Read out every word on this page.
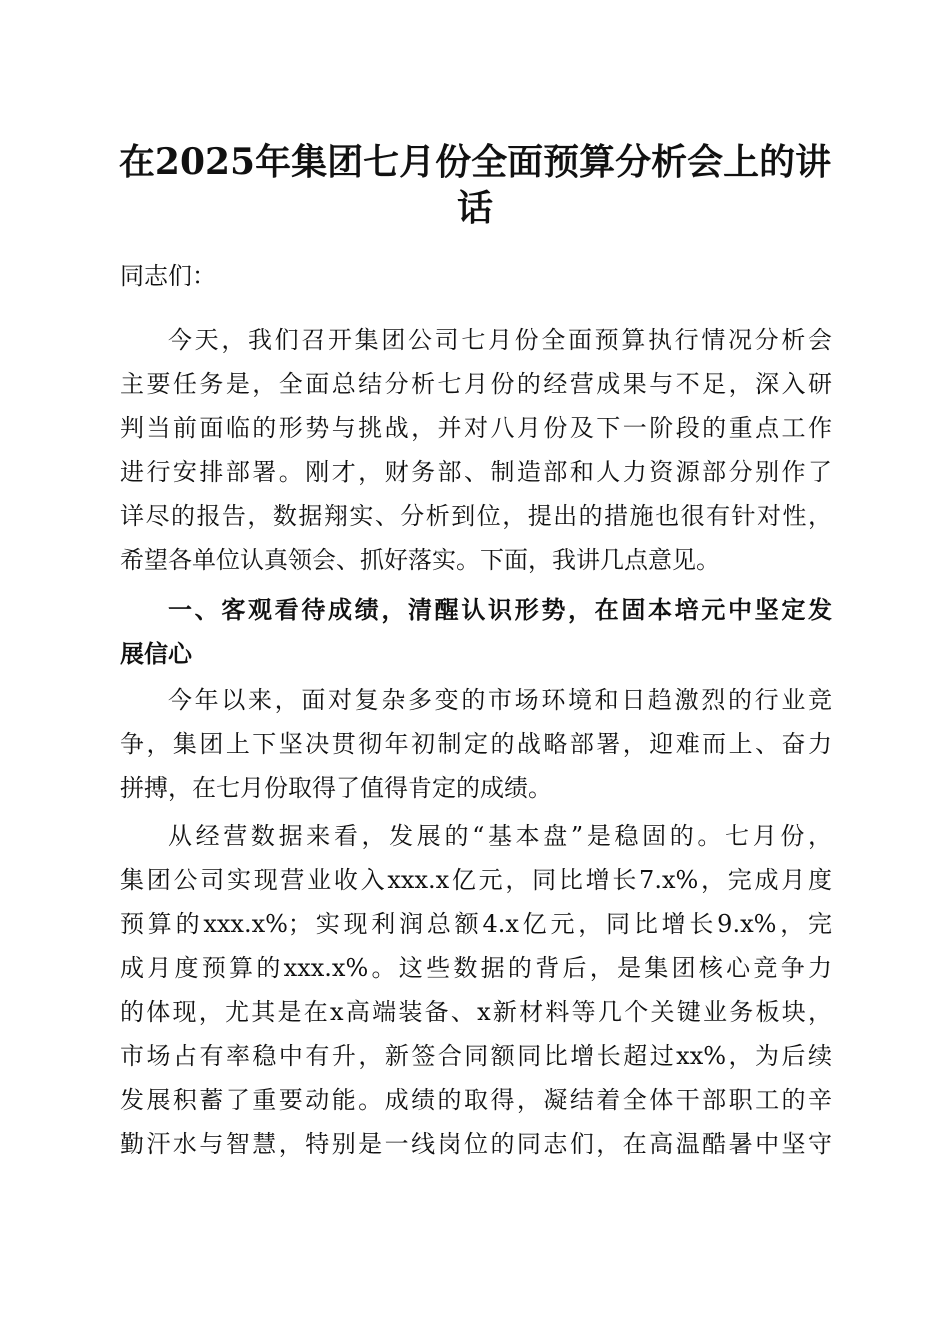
在2025年集团七月份全面预算分析会上的讲
话
同志们：
今天，我们召开集团公司七月份全面预算执行情况分析会
主要任务是，全面总结分析七月份的经营成果与不足，深入研
判当前面临的形势与挑战，并对八月份及下一阶段的重点工作
进行安排部署。刚才，财务部、制造部和人力资源部分别作了
详尽的报告，数据翔实、分析到位，提出的措施也很有针对性，
希望各单位认真领会、抓好落实。下面，我讲几点意见。
一、客观看待成绩，清醒认识形势，在固本培元中坚定发
展信心
今年以来，面对复杂多变的市场环境和日趋激烈的行业竞
争，集团上下坚决贯彻年初制定的战略部署，迎难而上、奋力
拼搏，在七月份取得了值得肯定的成绩。
从经营数据来看，发展的“基本盘”是稳固的。七月份，
集团公司实现营业收入xxx.x亿元，同比增长7.x%，完成月度
预算的xxx.x%；实现利润总额4.x亿元，同比增长9.x%，完
成月度预算的xxx.x%。这些数据的背后，是集团核心竞争力
的体现，尤其是在x高端装备、x新材料等几个关键业务板块，
市场占有率稳中有升，新签合同额同比增长超过xx%，为后续
发展积蓄了重要动能。成绩的取得，凝结着全体干部职工的辛
勤汗水与智慧，特别是一线岗位的同志们，在高温酷暑中坚守
